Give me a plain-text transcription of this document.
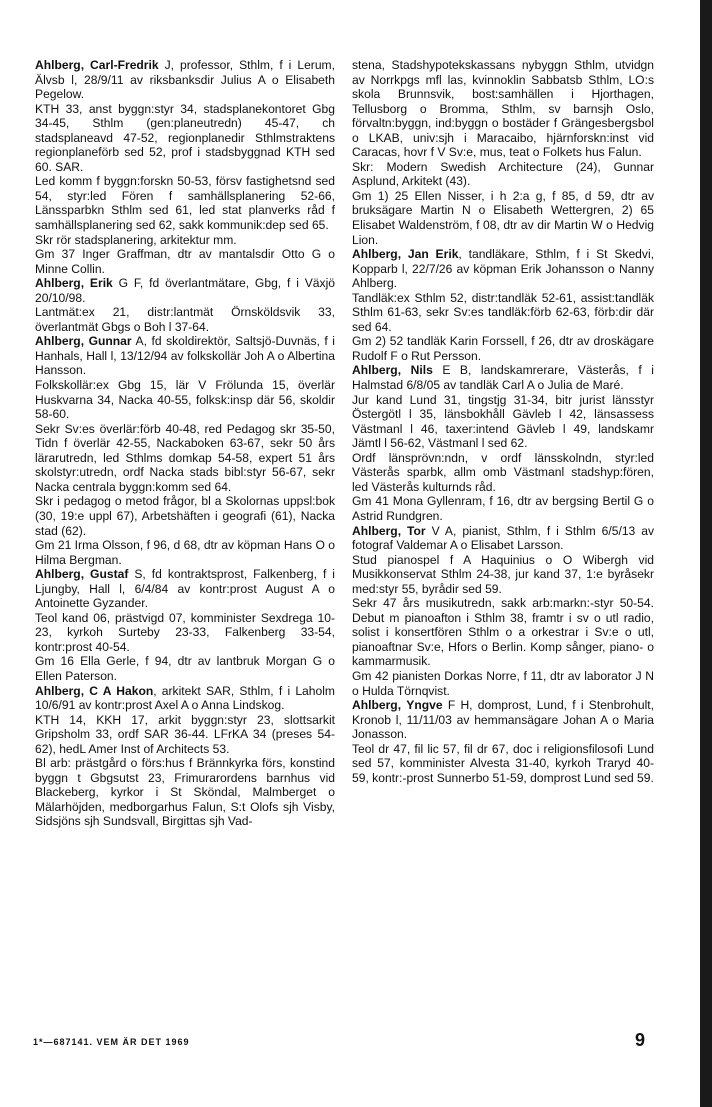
Ahlberg, Carl-Fredrik J, professor, Sthlm, f i Lerum, Älvsb l, 28/9/11 av riksbanksdir Julius A o Elisabeth Pegelow.

KTH 33, anst byggn:styr 34, stadsplanekontoret Gbg 34-45, Sthlm (gen:planeutredn) 45-47, ch stadsplaneavd 47-52, regionplanedir Sthlmstraktens regionplaneförb sed 52, prof i stadsbyggnad KTH sed 60. SAR.

Led komm f byggn:forskn 50-53, försv fastighetsnd sed 54, styr:led Fören f samhällsplanering 52-66, Länssparbkn Sthlm sed 61, led stat planverks råd f samhällsplanering sed 62, sakk kommunik:dep sed 65.

Skr rör stadsplanering, arkitektur mm.

Gm 37 Inger Graffman, dtr av mantalsdir Otto G o Minne Collin.

Ahlberg, Erik G F, fd överlantmätare, Gbg, f i Växjö 20/10/98.

Lantmät:ex 21, distr:lantmät Örnsköldsvik 33, överlantmät Gbgs o Boh l 37-64.

Ahlberg, Gunnar A, fd skoldirektör, Saltsjö-Duvnäs, f i Hanhals, Hall l, 13/12/94 av folkskollär Joh A o Albertina Hansson.

Folkskollär:ex Gbg 15, lär V Frölunda 15, överlär Huskvarna 34, Nacka 40-55, folksk:insp där 56, skoldir 58-60.

Sekr Sv:es överlär:förb 40-48, red Pedagog skr 35-50, Tidn f överlär 42-55, Nackaboken 63-67, sekr 50 års lärarutredn, led Sthlms domkap 54-58, expert 51 års skolstyr:utredn, ordf Nacka stads bibl:styr 56-67, sekr Nacka centrala byggn:komm sed 64.

Skr i pedagog o metod frågor, bl a Skolornas uppsl:bok (30, 19:e uppl 67), Arbetshäften i geografi (61), Nacka stad (62).

Gm 21 Irma Olsson, f 96, d 68, dtr av köpman Hans O o Hilma Bergman.

Ahlberg, Gustaf S, fd kontraktsprost, Falkenberg, f i Ljungby, Hall l, 6/4/84 av kontr:prost August A o Antoinette Gyzander.

Teol kand 06, prästvigd 07, komminister Sexdrega 10-23, kyrkoh Surteby 23-33, Falkenberg 33-54, kontr:prost 40-54.

Gm 16 Ella Gerle, f 94, dtr av lantbruk Morgan G o Ellen Paterson.

Ahlberg, C A Hakon, arkitekt SAR, Sthlm, f i Laholm 10/6/91 av kontr:prost Axel A o Anna Lindskog.

KTH 14, KKH 17, arkit byggn:styr 23, slottsarkit Gripsholm 33, ordf SAR 36-44. LFrKA 34 (preses 54-62), hedL Amer Inst of Architects 53.

Bl arb: prästgård o förs:hus f Brännkyrka förs, konstind byggn t Gbgsutst 23, Frimurarordens barnhus vid Blackeberg, kyrkor i St Sköndal, Malmberget o Mälarhöjden, medborgarhus Falun, S:t Olofs sjh Visby, Sidsjöns sjh Sundsvall, Birgittas sjh Vad-

stena, Stadshypotekskassans nybyggn Sthlm, utvidgn av Norrkpgs mfl las, kvinnoklin Sabbatsb Sthlm, LO:s skola Brunnsvik, bost:samhällen i Hjorthagen, Tellusborg o Bromma, Sthlm, sv barnsjh Oslo, förvaltn:byggn, ind:byggn o bostäder f Grängesbergsbol o LKAB, univ:sjh i Maracaibo, hjärnforskn:inst vid Caracas, hovr f V Sv:e, mus, teat o Folkets hus Falun.

Skr: Modern Swedish Architecture (24), Gunnar Asplund, Arkitekt (43).

Gm 1) 25 Ellen Nisser, i h 2:a g, f 85, d 59, dtr av bruksägare Martin N o Elisabeth Wettergren, 2) 65 Elisabet Waldenström, f 08, dtr av dir Martin W o Hedvig Lion.

Ahlberg, Jan Erik, tandläkare, Sthlm, f i St Skedvi, Kopparb l, 22/7/26 av köpman Erik Johansson o Nanny Ahlberg.

Tandläk:ex Sthlm 52, distr:tandläk 52-61, assist:tandläk Sthlm 61-63, sekr Sv:es tandläk:förb 62-63, förb:dir där sed 64.

Gm 2) 52 tandläk Karin Forssell, f 26, dtr av droskägare Rudolf F o Rut Persson.

Ahlberg, Nils E B, landskamrerare, Västerås, f i Halmstad 6/8/05 av tandläk Carl A o Julia de Maré.

Jur kand Lund 31, tingstjg 31-34, bitr jurist länsstyr Östergötl l 35, länsbokhåll Gävleb l 42, länsassess Västmanl l 46, taxer:intend Gävleb l 49, landskamr Jämtl l 56-62, Västmanl l sed 62.

Ordf länsprövn:ndn, v ordf länsskolndn, styr:led Västerås sparbk, allm omb Västmanl stadshyp:fören, led Västerås kulturnds råd.

Gm 41 Mona Gyllenram, f 16, dtr av bergsing Bertil G o Astrid Rundgren.

Ahlberg, Tor V A, pianist, Sthlm, f i Sthlm 6/5/13 av fotograf Valdemar A o Elisabet Larsson.

Stud pianospel f A Haquinius o O Wibergh vid Musikkonservat Sthlm 24-38, jur kand 37, 1:e byråsekr med:styr 55, byrådir sed 59.

Sekr 47 års musikutredn, sakk arb:markn:-styr 50-54. Debut m pianoafton i Sthlm 38, framtr i sv o utl radio, solist i konsertfören Sthlm o a orkestrar i Sv:e o utl, pianoaftnar Sv:e, Hfors o Berlin. Komp sånger, piano- o kammarmusik.

Gm 42 pianisten Dorkas Norre, f 11, dtr av laborator J N o Hulda Törnqvist.

Ahlberg, Yngve F H, domprost, Lund, f i Stenbrohult, Kronob l, 11/11/03 av hemmansägare Johan A o Maria Jonasson.

Teol dr 47, fil lic 57, fil dr 67, doc i religionsfilosofi Lund sed 57, komminister Alvesta 31-40, kyrkoh Traryd 40-59, kontr:-prost Sunnerbo 51-59, domprost Lund sed 59.

1*—687141. VEM ÄR DET 1969	9
